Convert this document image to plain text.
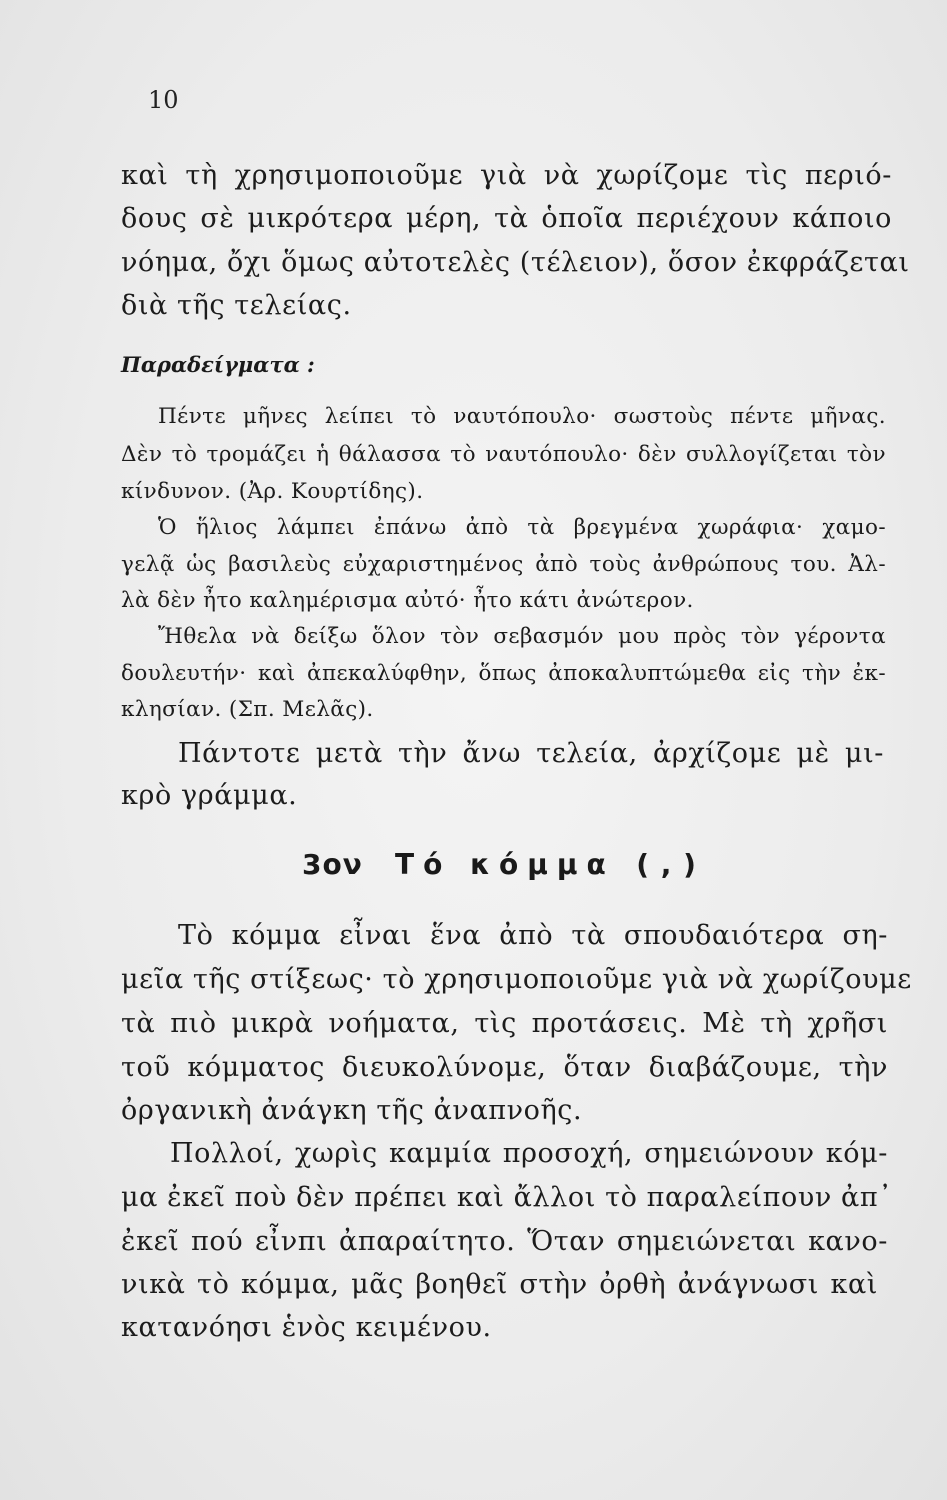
10
καὶ τὴ χρησιμοποιοῦμε γιὰ νὰ χωρίζομε τὶς περιό-
δους σὲ μικρότερα μέρη, τὰ ὁποῖα περιέχουν κάποιο
νόημα, ὄχι ὅμως αὐτοτελὲς (τέλειον), ὅσον ἐκφράζεται
διὰ τῆς τελείας.
Παραδείγματα :
Πέντε μῆνες λείπει τὸ ναυτόπουλο· σωστοὺς πέντε μῆνας.
Δὲν τὸ τρομάζει ἡ θάλασσα τὸ ναυτόπουλο· δὲν συλλογίζεται τὸν
κίνδυνον. (Ἀρ. Κουρτίδης).
Ὁ ἥλιος λάμπει ἐπάνω ἀπὸ τὰ βρεγμένα χωράφια· χαμο-
γελᾷ ὡς βασιλεὺς εὐχαριστημένος ἀπὸ τοὺς ἀνθρώπους του. Ἀλ-
λὰ δὲν ἦτο καλημέρισμα αὐτό· ἦτο κάτι ἀνώτερον.
Ἤθελα νὰ δείξω ὅλον τὸν σεβασμόν μου πρὸς τὸν γέροντα
δουλευτήν· καὶ ἀπεκαλύφθην, ὅπως ἀποκαλυπτώμεθα εἰς τὴν ἐκ-
κλησίαν. (Σπ. Μελᾶς).
Πάντοτε μετὰ τὴν ἄνω τελεία, ἀρχίζομε μὲ μι-
κρὸ γράμμα.
3ον Τό κόμμα ( , )
Τὸ κόμμα εἶναι ἕνα ἀπὸ τὰ σπουδαιότερα ση-
μεῖα τῆς στίξεως· τὸ χρησιμοποιοῦμε γιὰ νὰ χωρίζουμε
τὰ πιὸ μικρὰ νοήματα, τὶς προτάσεις. Μὲ τὴ χρῆσι
τοῦ κόμματος διευκολύνομε, ὅταν διαβάζουμε, τὴν
ὀργανικὴ ἀνάγκη τῆς ἀναπνοῆς.
Πολλοί, χωρὶς καμμία προσοχή, σημειώνουν κόμ-
μα ἐκεῖ ποὺ δὲν πρέπει καὶ ἄλλοι τὸ παραλείπουν ἀπ᾿
ἐκεῖ πού εἶνπι ἀπαραίτητο. Ὅταν σημειώνεται κανο-
νικὰ τὸ κόμμα, μᾶς βοηθεῖ στὴν ὀρθὴ ἀνάγνωσι καὶ
κατανόησι ἑνὸς κειμένου.
